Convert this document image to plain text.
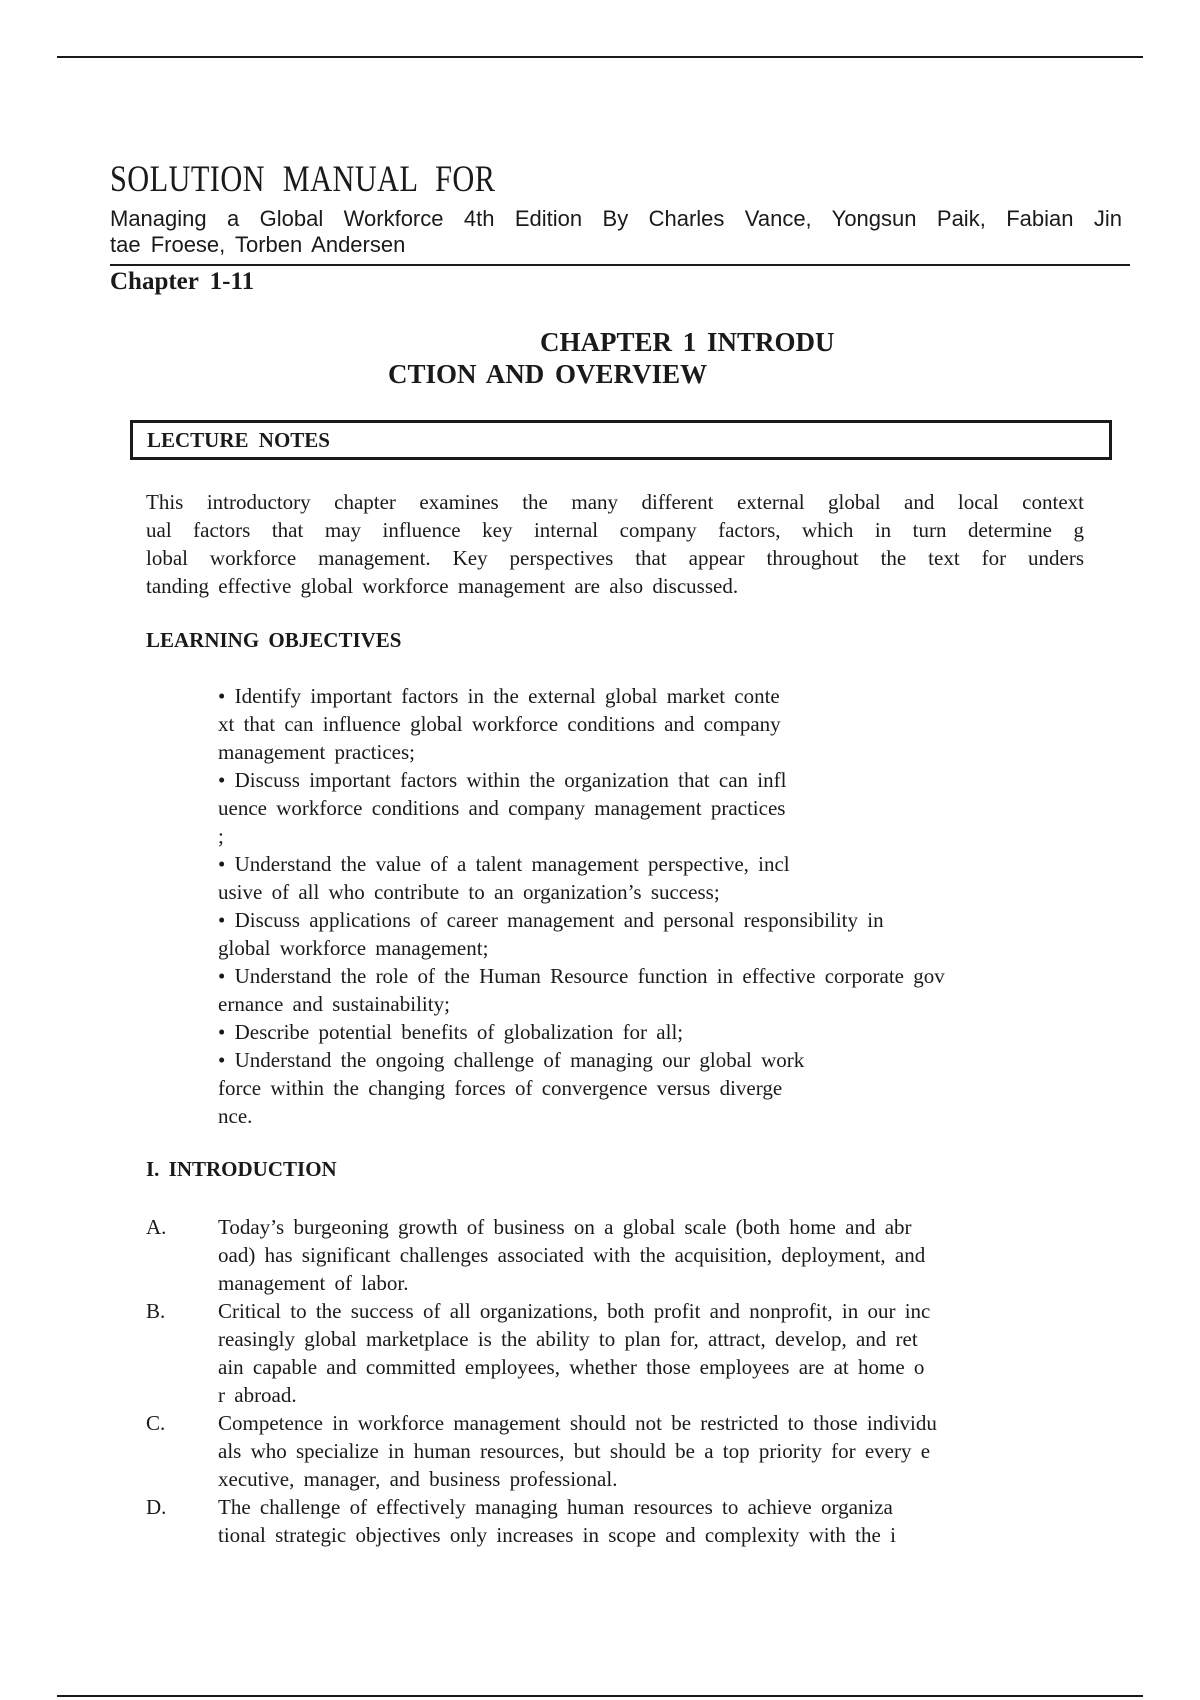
SOLUTION MANUAL FOR
Managing a Global Workforce 4th Edition By Charles Vance, Yongsun Paik, Fabian Jin
tae Froese, Torben Andersen
Chapter 1-11
CHAPTER 1 INTRODU
CTION AND OVERVIEW
LECTURE NOTES
This introductory chapter examines the many different external global and local context
ual factors that may influence key internal company factors, which in turn determine g
lobal workforce management. Key perspectives that appear throughout the text for unders
tanding effective global workforce management are also discussed.
LEARNING OBJECTIVES
• Identify important factors in the external global market conte
xt that can influence global workforce conditions and company
management practices;
• Discuss important factors within the organization that can infl
uence workforce conditions and company management practices
;
• Understand the value of a talent management perspective, incl
usive of all who contribute to an organization’s success;
• Discuss applications of career management and personal responsibility in
global workforce management;
• Understand the role of the Human Resource function in effective corporate gov
ernance and sustainability;
• Describe potential benefits of globalization for all;
• Understand the ongoing challenge of managing our global work
force within the changing forces of convergence versus diverge
nce.
I. INTRODUCTION
A. Today’s burgeoning growth of business on a global scale (both home and abr
oad) has significant challenges associated with the acquisition, deployment, and
management of labor.
B.	Critical to the success of all organizations, both profit and nonprofit, in our inc
reasingly global marketplace is the ability to plan for, attract, develop, and ret
ain capable and committed employees, whether those employees are at home o
r abroad.
C.	Competence in workforce management should not be restricted to those individu
als who specialize in human resources, but should be a top priority for every e
xecutive, manager, and business professional.
D. The challenge of effectively managing human resources to achieve organiza
tional strategic objectives only increases in scope and complexity with the i
